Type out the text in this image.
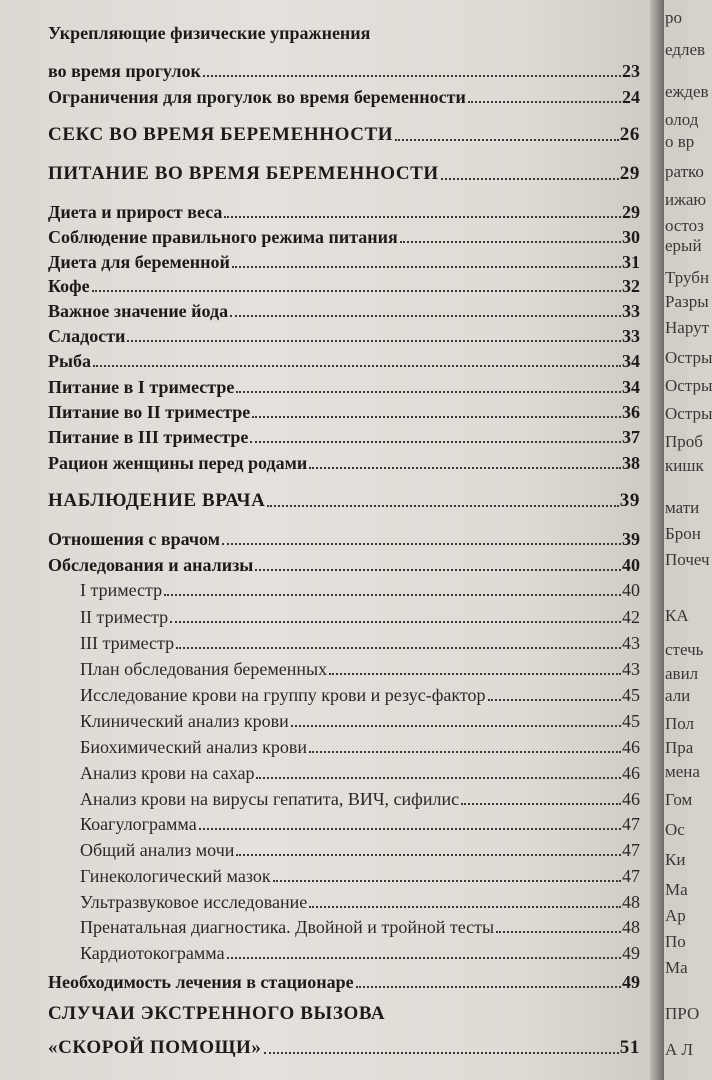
Укрепляющие физические упражнения
во время прогулок	23
Ограничения для прогулок во время беременности	24
СЕКС ВО ВРЕМЯ БЕРЕМЕННОСТИ	26
ПИТАНИЕ ВО ВРЕМЯ БЕРЕМЕННОСТИ	29
Диета и прирост веса	29
Соблюдение правильного режима питания	30
Диета для беременной	31
Кофе	32
Важное значение йода	33
Сладости	33
Рыба	34
Питание в I триместре	34
Питание во II триместре	36
Питание в III триместре	37
Рацион женщины перед родами	38
НАБЛЮДЕНИЕ ВРАЧА	39
Отношения с врачом	39
Обследования и анализы	40
I триместр	40
II триместр	42
III триместр	43
План обследования беременных	43
Исследование крови на группу крови и резус-фактор	45
Клинический анализ крови	45
Биохимический анализ крови	46
Анализ крови на сахар	46
Анализ крови на вирусы гепатита, ВИЧ, сифилис	46
Коагулограмма	47
Общий анализ мочи	47
Гинекологический мазок	47
Ультразвуковое исследование	48
Пренатальная диагностика. Двойной и тройной тесты	48
Кардиотокограмма	49
Необходимость лечения в стационаре	49
СЛУЧАИ ЭКСТРЕННОГО ВЫЗОВА
«СКОРОЙ ПОМОЩИ»	51
ро
едлев
еждев
олод
о вр
ратко
ижаю
остоз
ерый
Трубн
Разры
Нарут
Остры
Остры
Остры
Проб
кишк
мати
Брон
Почеч
КА
стечь
авил
али
Пол
Пра
мена
Гом
Ос
Ки
Ма
Ар
По
Ма
ПРО
А Л
